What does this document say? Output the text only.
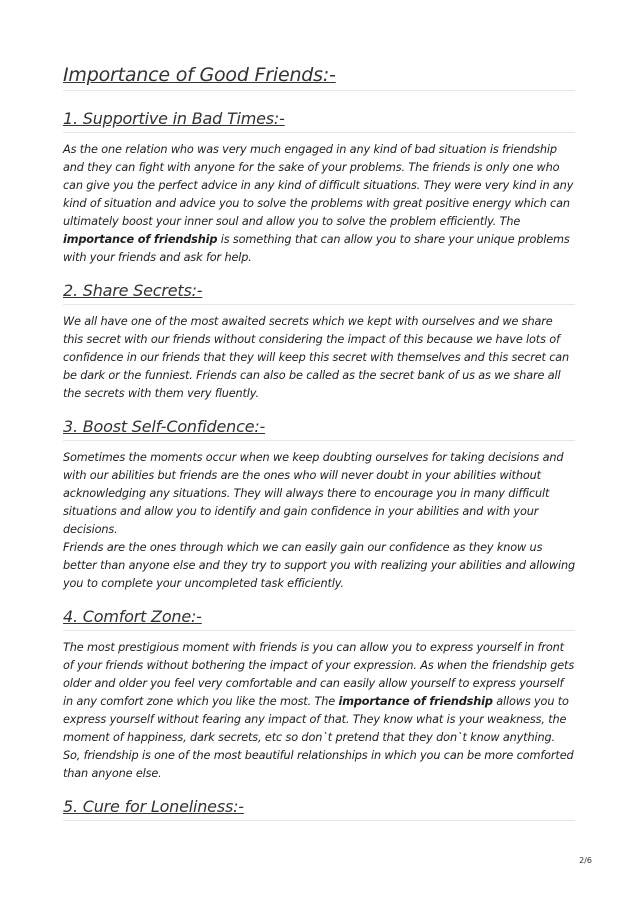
Importance of Good Friends:-
1. Supportive in Bad Times:-

As the one relation who was very much engaged in any kind of bad situation is friendship and they can fight with anyone for the sake of your problems. The friends is only one who can give you the perfect advice in any kind of difficult situations. They were very kind in any kind of situation and advice you to solve the problems with great positive energy which can ultimately boost your inner soul and allow you to solve the problem efficiently. The importance of friendship is something that can allow you to share your unique problems with your friends and ask for help.

2. Share Secrets:-

We all have one of the most awaited secrets which we kept with ourselves and we share this secret with our friends without considering the impact of this because we have lots of confidence in our friends that they will keep this secret with themselves and this secret can be dark or the funniest. Friends can also be called as the secret bank of us as we share all the secrets with them very fluently.

3. Boost Self-Confidence:-

Sometimes the moments occur when we keep doubting ourselves for taking decisions and with our abilities but friends are the ones who will never doubt in your abilities without acknowledging any situations. They will always there to encourage you in many difficult situations and allow you to identify and gain confidence in your abilities and with your decisions.

Friends are the ones through which we can easily gain our confidence as they know us better than anyone else and they try to support you with realizing your abilities and allowing you to complete your uncompleted task efficiently.

4. Comfort Zone:-

The most prestigious moment with friends is you can allow you to express yourself in front of your friends without bothering the impact of your expression. As when the friendship gets older and older you feel very comfortable and can easily allow yourself to express yourself in any comfort zone which you like the most. The importance of friendship allows you to express yourself without fearing any impact of that. They know what is your weakness, the moment of happiness, dark secrets, etc so don`t pretend that they don`t know anything. So, friendship is one of the most beautiful relationships in which you can be more comforted than anyone else.

5. Cure for Loneliness:-
2/6
